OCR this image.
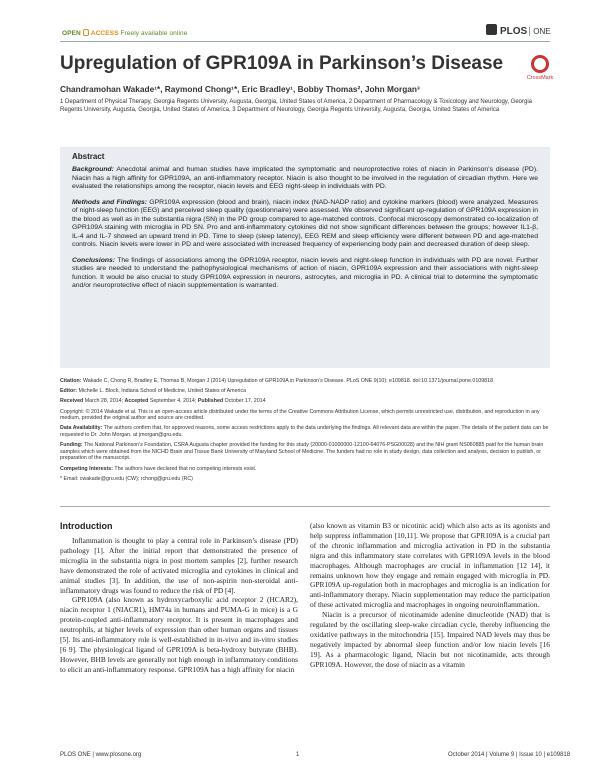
OPEN ACCESS Freely available online	PLOS ONE
Upregulation of GPR109A in Parkinson’s Disease
CrossMark
Chandramohan Wakade¹*, Raymond Chong¹*, Eric Bradley¹, Bobby Thomas², John Morgan³
1 Department of Physical Therapy, Georgia Regents University, Augusta, Georgia, United States of America, 2 Department of Pharmacology & Toxicology and Neurology, Georgia Regents University, Augusta, Georgia, United States of America, 3 Department of Neurology, Georgia Regents University, Augusta, Georgia, United States of America
Abstract

Background: Anecdotal animal and human studies have implicated the symptomatic and neuroprotective roles of niacin in Parkinson’s disease (PD). Niacin has a high affinity for GPR109A, an anti-inflammatory receptor. Niacin is also thought to be involved in the regulation of circadian rhythm. Here we evaluated the relationships among the receptor, niacin levels and EEG night-sleep in individuals with PD.

Methods and Findings: GPR109A expression (blood and brain), niacin index (NAD-NADP ratio) and cytokine markers (blood) were analyzed. Measures of night-sleep function (EEG) and perceived sleep quality (questionnaire) were assessed. We observed significant up-regulation of GPR109A expression in the blood as well as in the substantia nigra (SN) in the PD group compared to age-matched controls. Confocal microscopy demonstrated co-localization of GPR109A staining with microglia in PD SN. Pro and anti-inflammatory cytokines did not show significant differences between the groups; however IL1-β, IL-4 and IL-7 showed an upward trend in PD. Time to sleep (sleep latency), EEG REM and sleep efficiency were different between PD and age-matched controls. Niacin levels were lower in PD and were associated with increased frequency of experiencing body pain and decreased duration of deep sleep.

Conclusions: The findings of associations among the GPR109A receptor, niacin levels and night-sleep function in individuals with PD are novel. Further studies are needed to understand the pathophysiological mechanisms of action of niacin, GPR109A expression and their associations with night-sleep function. It would be also crucial to study GPR109A expression in neurons, astrocytes, and microglia in PD. A clinical trial to determine the symptomatic and/or neuroprotective effect of niacin supplementation is warranted.

Citation: Wakade C, Chong R, Bradley E, Thomas B, Morgan J (2014) Upregulation of GPR109A in Parkinson’s Disease. PLoS ONE 9(10): e109818. doi:10.1371/journal.pone.0109818

Editor: Michelle L. Block, Indiana School of Medicine, United States of America

Received March 28, 2014; Accepted September 4, 2014; Published October 17, 2014

Copyright: © 2014 Wakade et al. This is an open-access article distributed under the terms of the Creative Commons Attribution License, which permits unrestricted use, distribution, and reproduction in any medium, provided the original author and source are credited.

Data Availability: The authors confirm that, for approved reasons, some access restrictions apply to the data underlying the findings. All relevant data are within the paper. The details of the patient data can be requested to Dr. John Morgan, at jmorgan@gru.edu.

Funding: The National Parkinson’s Foundation, CSRA Augusta chapter provided the funding for this study (20000-01000000-12100-64076-PSG00028) and the NIH grant NS060885 paid for the human brain samples which were obtained from the NICHD Brain and Tissue Bank University of Maryland School of Medicine. The funders had no role in study design, data collection and analysis, decision to publish, or preparation of the manuscript.

Competing Interests: The authors have declared that no competing interests exist.

* Email: cwakade@gru.edu (CW); rchong@gru.edu (RC)

Introduction

Inflammation is thought to play a central role in Parkinson’s disease (PD) pathology [1]. After the initial report that demonstrated the presence of microglia in the substantia nigra in post mortem samples [2], further research have demonstrated the role of activated microglia and cytokines in clinical and animal studies [3]. In addition, the use of non-aspirin non-steroidal anti-inflammatory drugs was found to reduce the risk of PD [4].

GPR109A (also known as hydroxycarboxylic acid receptor 2 (HCAR2), niacin receptor 1 (NIACR1), HM74a in humans and PUMA-G in mice) is a G protein-coupled anti-inflammatory receptor. It is present in macrophages and neutrophils, at higher levels of expression than other human organs and tissues [5]. Its anti-inflammatory role is well-established in in-vivo and in-vitro studies [6 9]. The physiological ligand of GPR109A is beta-hydroxy butyrate (BHB). However, BHB levels are generally not high enough in inflammatory conditions to elicit an anti-inflammatory response. GPR109A has a high affinity for niacin

(also known as vitamin B3 or nicotinic acid) which also acts as its agonists and help suppress inflammation [10,11]. We propose that GPR109A is a crucial part of the chronic inflammation and microglia activation in PD in the substantia nigra and this inflammatory state correlates with GPR109A levels in the blood macrophages. Although macrophages are crucial in inflammation [12 14], it remains unknown how they engage and remain engaged with microglia in PD. GPR109A up-regulation both in macrophages and microglia is an indication for anti-inflammatory therapy. Niacin supplementation may reduce the participation of these activated microglia and macrophages in ongoing neuroinflammation.

Niacin is a precursor of nicotinamide adenine dinucleotide (NAD) that is regulated by the oscillating sleep-wake circadian cycle, thereby influencing the oxidative pathways in the mitochondria [15]. Impaired NAD levels may thus be negatively impacted by abnormal sleep function and/or low niacin levels [16 19]. As a pharmacologic ligand, Niacin but not nicotinamide, acts through GPR109A. However, the dose of niacin as a vitamin

PLOS ONE | www.plosone.org	1	October 2014 | Volume 9 | Issue 10 | e109818
